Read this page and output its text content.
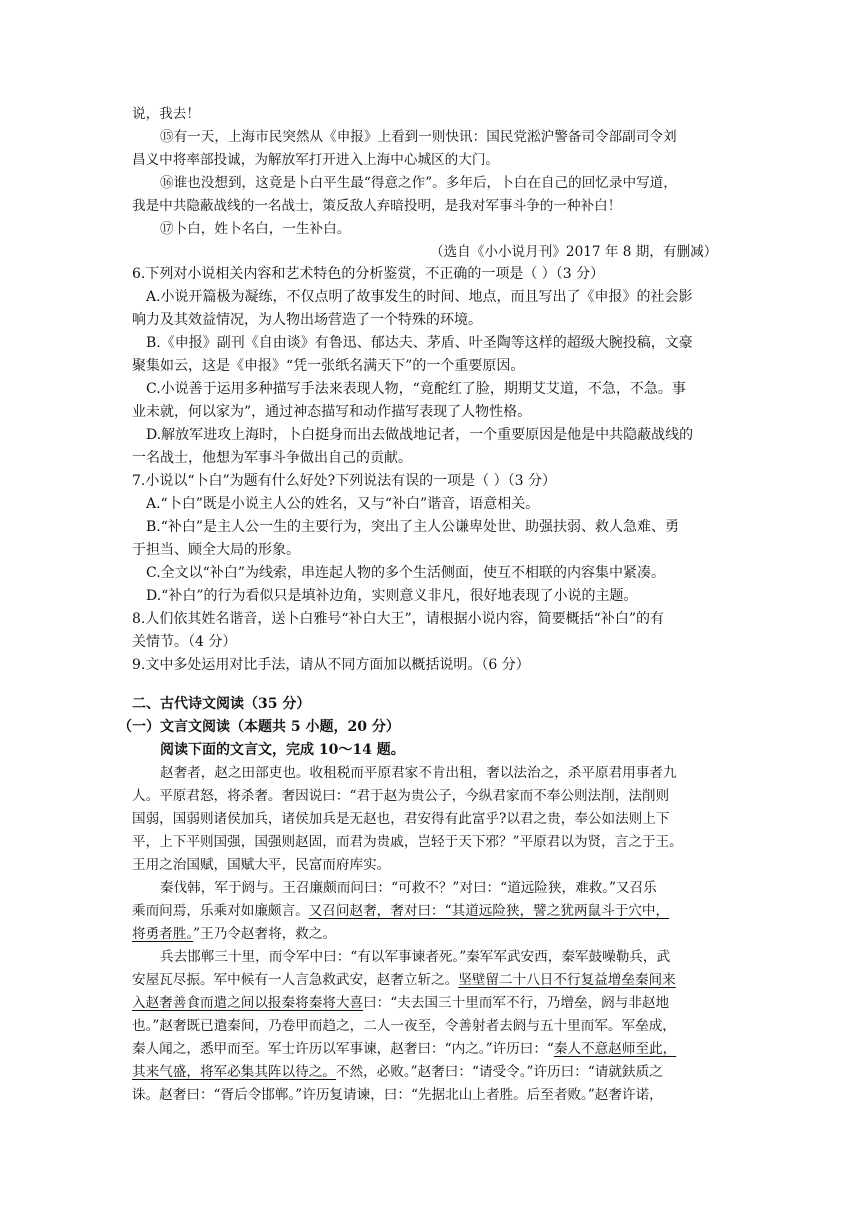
说，我去！
⑮有一天，上海市民突然从《申报》上看到一则快讯：国民党淞沪警备司令部副司令刘
昌义中将率部投诚，为解放军打开进入上海中心城区的大门。
⑯谁也没想到，这竟是卜白平生最“得意之作”。多年后，卜白在自己的回忆录中写道，
我是中共隐蔽战线的一名战士，策反敌人弃暗投明，是我对军事斗争的一种补白！
⑰卜白，姓卜名白，一生补白。
（选自《小小说月刊》2017 年 8 期，有删减）
6.下列对小说相关内容和艺术特色的分析鉴赏，不正确的一项是（ ）（3 分）
A.小说开篇极为凝练，不仅点明了故事发生的时间、地点，而且写出了《申报》的社会影
响力及其效益情况，为人物出场营造了一个特殊的环境。
B.《申报》副刊《自由谈》有鲁迅、郁达夫、茅盾、叶圣陶等这样的超级大腕投稿，文豪
聚集如云，这是《申报》“凭一张纸名满天下”的一个重要原因。
C.小说善于运用多种描写手法来表现人物，“竟酡红了脸，期期艾艾道，不急，不急。事
业未就，何以家为”，通过神态描写和动作描写表现了人物性格。
D.解放军进攻上海时，卜白挺身而出去做战地记者，一个重要原因是他是中共隐蔽战线的
一名战士，他想为军事斗争做出自己的贡献。
7.小说以“卜白”为题有什么好处?下列说法有误的一项是（ ）（3 分）
A.“卜白”既是小说主人公的姓名，又与“补白”谐音，语意相关。
B.“补白”是主人公一生的主要行为，突出了主人公谦卑处世、助强扶弱、救人急难、勇
于担当、顾全大局的形象。
C.全文以“补白”为线索，串连起人物的多个生活侧面，使互不相联的内容集中紧凑。
D.“补白”的行为看似只是填补边角，实则意义非凡，很好地表现了小说的主题。
8.人们依其姓名谐音，送卜白雅号“补白大王”，请根据小说内容，简要概括“补白”的有
关情节。（4 分）
9.文中多处运用对比手法，请从不同方面加以概括说明。（6 分）
二、古代诗文阅读（35 分）
（一）文言文阅读（本题共 5 小题，20 分）
阅读下面的文言文，完成 10～14 题。
赵奢者，赵之田部吏也。收租税而平原君家不肯出租，奢以法治之，杀平原君用事者九
人。平原君怒，将杀奢。奢因说曰：“君于赵为贵公子，今纵君家而不奉公则法削，法削则
国弱，国弱则诸侯加兵，诸侯加兵是无赵也，君安得有此富乎?以君之贵，奉公如法则上下
平，上下平则国强，国强则赵固，而君为贵戚，岂轻于天下邪？”平原君以为贤，言之于王。
王用之治国赋，国赋大平，民富而府库实。
秦伐韩，军于阏与。王召廉颇而问曰：“可救不？”对曰：“道远险狭，难救。”又召乐
乘而问焉，乐乘对如廉颇言。又召问赵奢，奢对曰：“其道远险狭，譬之犹两鼠斗于穴中，
将勇者胜。”王乃令赵奢将，救之。
兵去邯郸三十里，而令军中曰：“有以军事谏者死。”秦军军武安西，秦军鼓噪勒兵，武
安屋瓦尽振。军中候有一人言急救武安，赵奢立斩之。坚壁留二十八日不行复益增垒秦间来
入赵奢善食而遣之间以报秦将秦将大喜曰：“夫去国三十里而军不行，乃增垒，阏与非赵地
也。”赵奢既已遣秦间，乃卷甲而趋之，二人一夜至，令善射者去阏与五十里而军。军垒成，
秦人闻之，悉甲而至。军士许历以军事谏，赵奢曰：“内之。”许历曰：“秦人不意赵师至此，
其来气盛，将军必集其阵以待之。不然，必败。”赵奢曰：“请受令。”许历曰：“请就鈇质之
诛。赵奢曰：“胥后令邯郸。”许历复请谏，曰：“先据北山上者胜。后至者败。”赵奢许诺，
